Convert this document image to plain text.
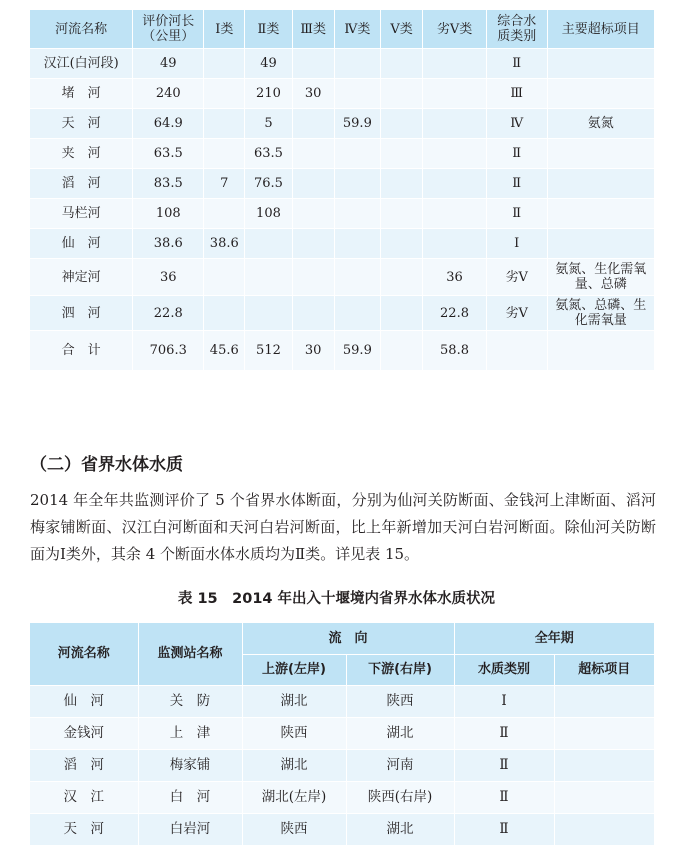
河流名称	评价河长（公里）	Ⅰ类	Ⅱ类	Ⅲ类	Ⅳ类	Ⅴ类	劣Ⅴ类	综合水质类别	主要超标项目
汉江(白河段)	49		49					Ⅱ	
堵　河	240		210	30				Ⅲ	
天　河	64.9		5		59.9			Ⅳ	氨氮
夹　河	63.5		63.5					Ⅱ	
滔　河	83.5	7	76.5					Ⅱ	
马栏河	108		108					Ⅱ	
仙　河	38.6	38.6						Ⅰ	
神定河	36						36	劣Ⅴ	氨氮、生化需氧量、总磷
泗　河	22.8						22.8	劣Ⅴ	氨氮、总磷、生化需氧量
合　计	706.3	45.6	512	30	59.9		58.8		
（二）省界水体水质

2014 年全年共监测评价了 5 个省界水体断面，分别为仙河关防断面、金钱河上津断面、滔河梅家铺断面、汉江白河断面和天河白岩河断面，比上年新增加天河白岩河断面。除仙河关防断面为Ⅰ类外，其余 4 个断面水体水质均为Ⅱ类。详见表 15。

表 15　2014 年出入十堰境内省界水体水质状况
河流名称	监测站名称	流　向		全年期	
		上游(左岸)	下游(右岸)	水质类别	超标项目
仙　河	关　防	湖北	陕西	Ⅰ	
金钱河	上　津	陕西	湖北	Ⅱ	
滔　河	梅家铺	湖北	河南	Ⅱ	
汉　江	白　河	湖北(左岸)	陕西(右岸)	Ⅱ	
天　河	白岩河	陕西	湖北	Ⅱ	
